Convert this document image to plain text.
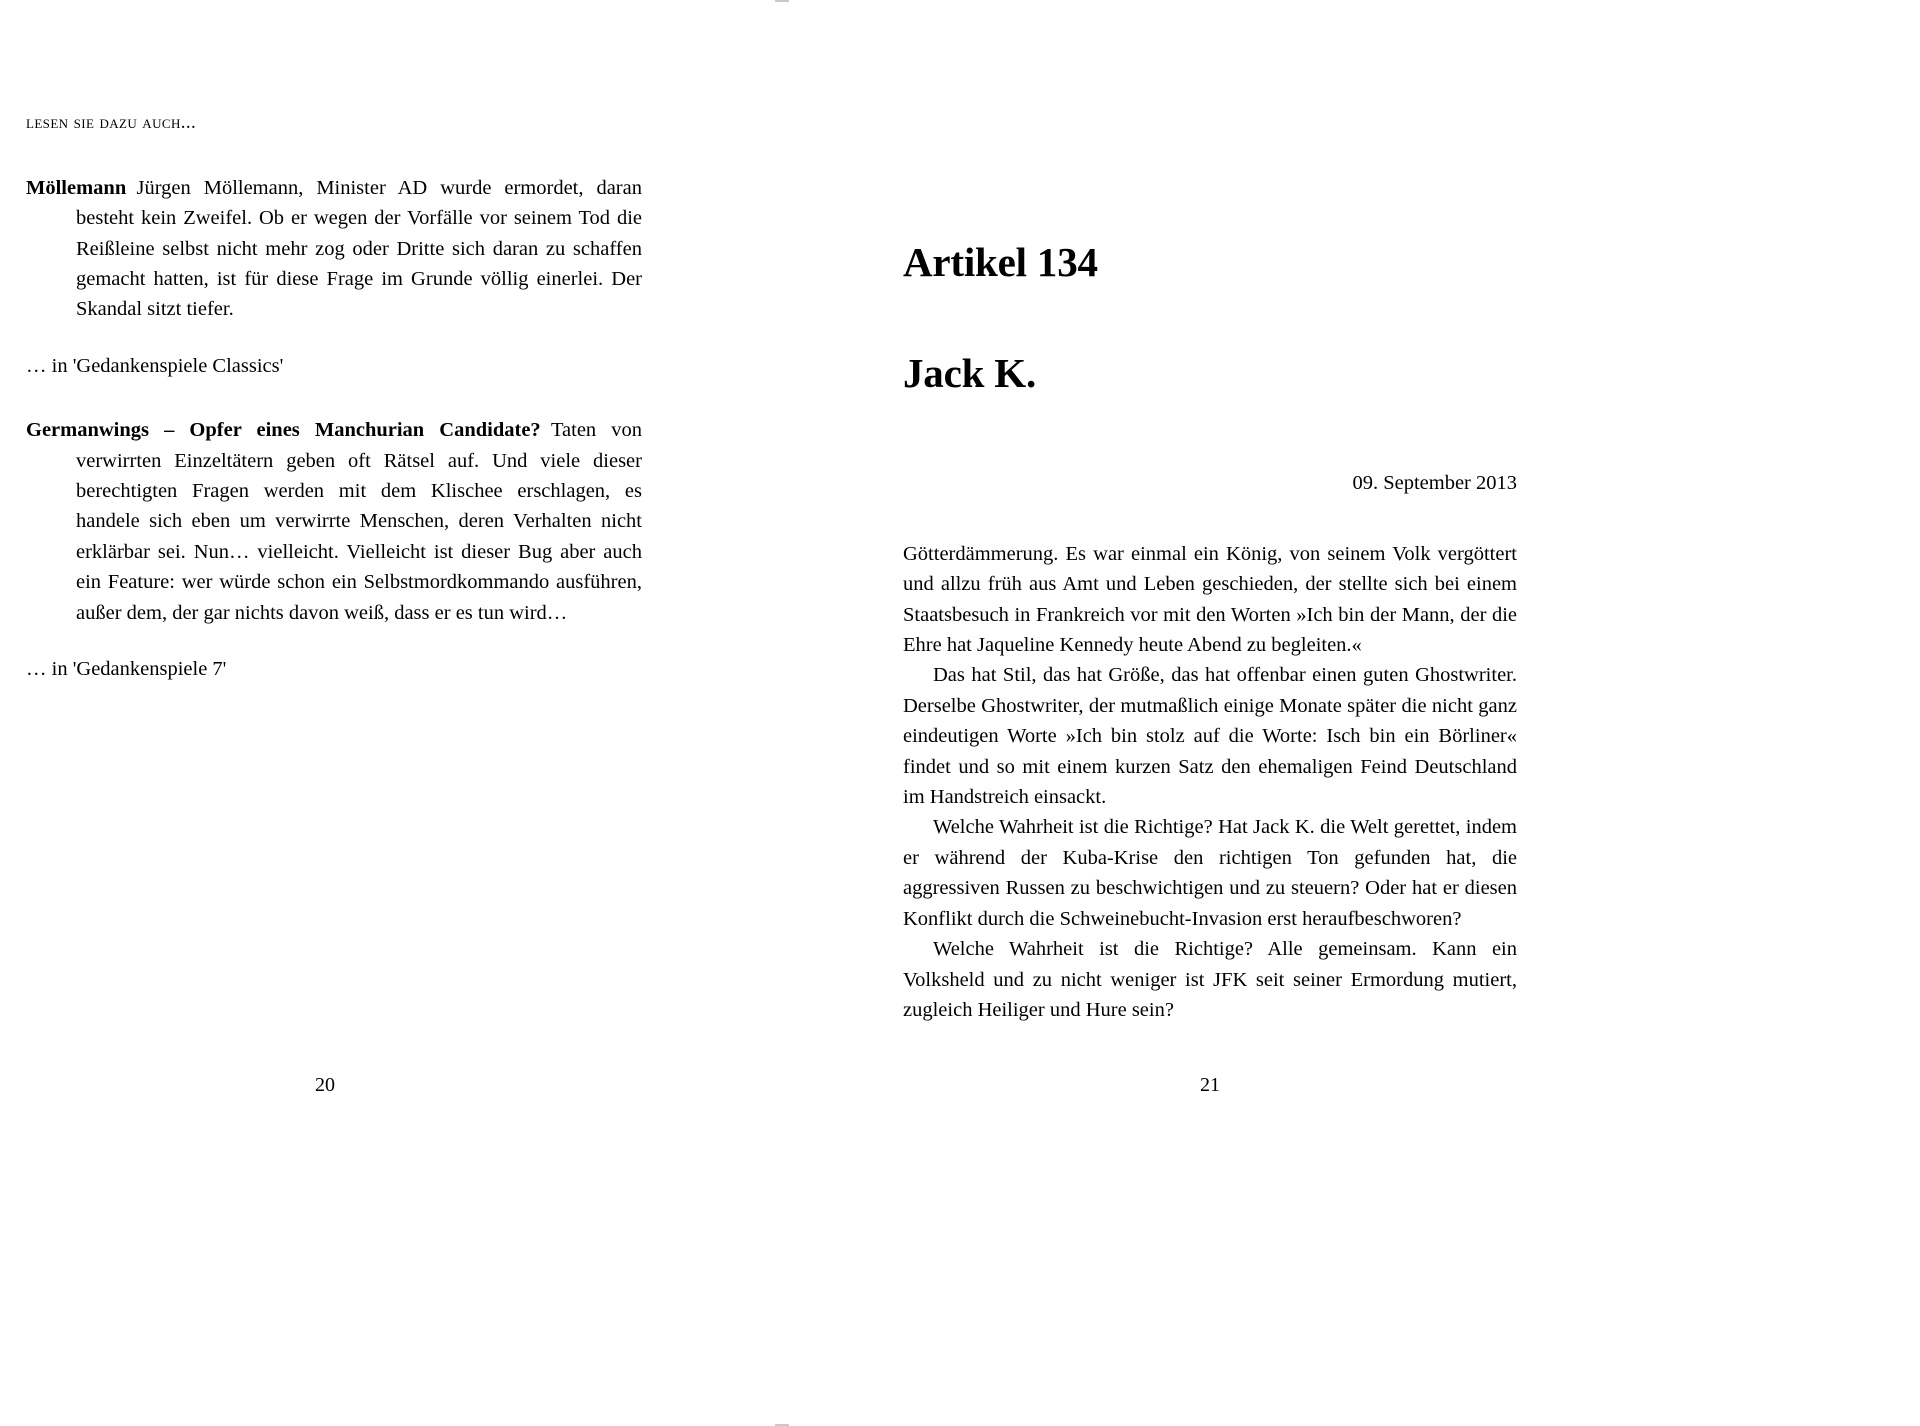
lesen sie dazu auch...

Möllemann Jürgen Möllemann, Minister AD wurde ermordet, daran besteht kein Zweifel. Ob er wegen der Vorfälle vor seinem Tod die Reißleine selbst nicht mehr zog oder Dritte sich daran zu schaffen gemacht hatten, ist für diese Frage im Grunde völlig einerlei. Der Skandal sitzt tiefer.

… in 'Gedankenspiele Classics'

Germanwings – Opfer eines Manchurian Candidate? Taten von verwirrten Einzeltätern geben oft Rätsel auf. Und viele dieser berechtigten Fragen werden mit dem Klischee erschlagen, es handele sich eben um verwirrte Menschen, deren Verhalten nicht erklärbar sei. Nun… vielleicht. Vielleicht ist dieser Bug aber auch ein Feature: wer würde schon ein Selbstmordkommando ausführen, außer dem, der gar nichts davon weiß, dass er es tun wird…

… in 'Gedankenspiele 7'

20
Artikel 134
Jack K.
09. September 2013

Götterdämmerung. Es war einmal ein König, von seinem Volk vergöttert und allzu früh aus Amt und Leben geschieden, der stellte sich bei einem Staatsbesuch in Frankreich vor mit den Worten »Ich bin der Mann, der die Ehre hat Jaqueline Kennedy heute Abend zu begleiten.«

Das hat Stil, das hat Größe, das hat offenbar einen guten Ghostwriter. Derselbe Ghostwriter, der mutmaßlich einige Monate später die nicht ganz eindeutigen Worte »Ich bin stolz auf die Worte: Isch bin ein Börliner« findet und so mit einem kurzen Satz den ehemaligen Feind Deutschland im Handstreich einsackt.

Welche Wahrheit ist die Richtige? Hat Jack K. die Welt gerettet, indem er während der Kuba-Krise den richtigen Ton gefunden hat, die aggressiven Russen zu beschwichtigen und zu steuern? Oder hat er diesen Konflikt durch die Schweinebucht-Invasion erst heraufbeschworen?

Welche Wahrheit ist die Richtige? Alle gemeinsam. Kann ein Volksheld und zu nicht weniger ist JFK seit seiner Ermordung mutiert, zugleich Heiliger und Hure sein?

21
